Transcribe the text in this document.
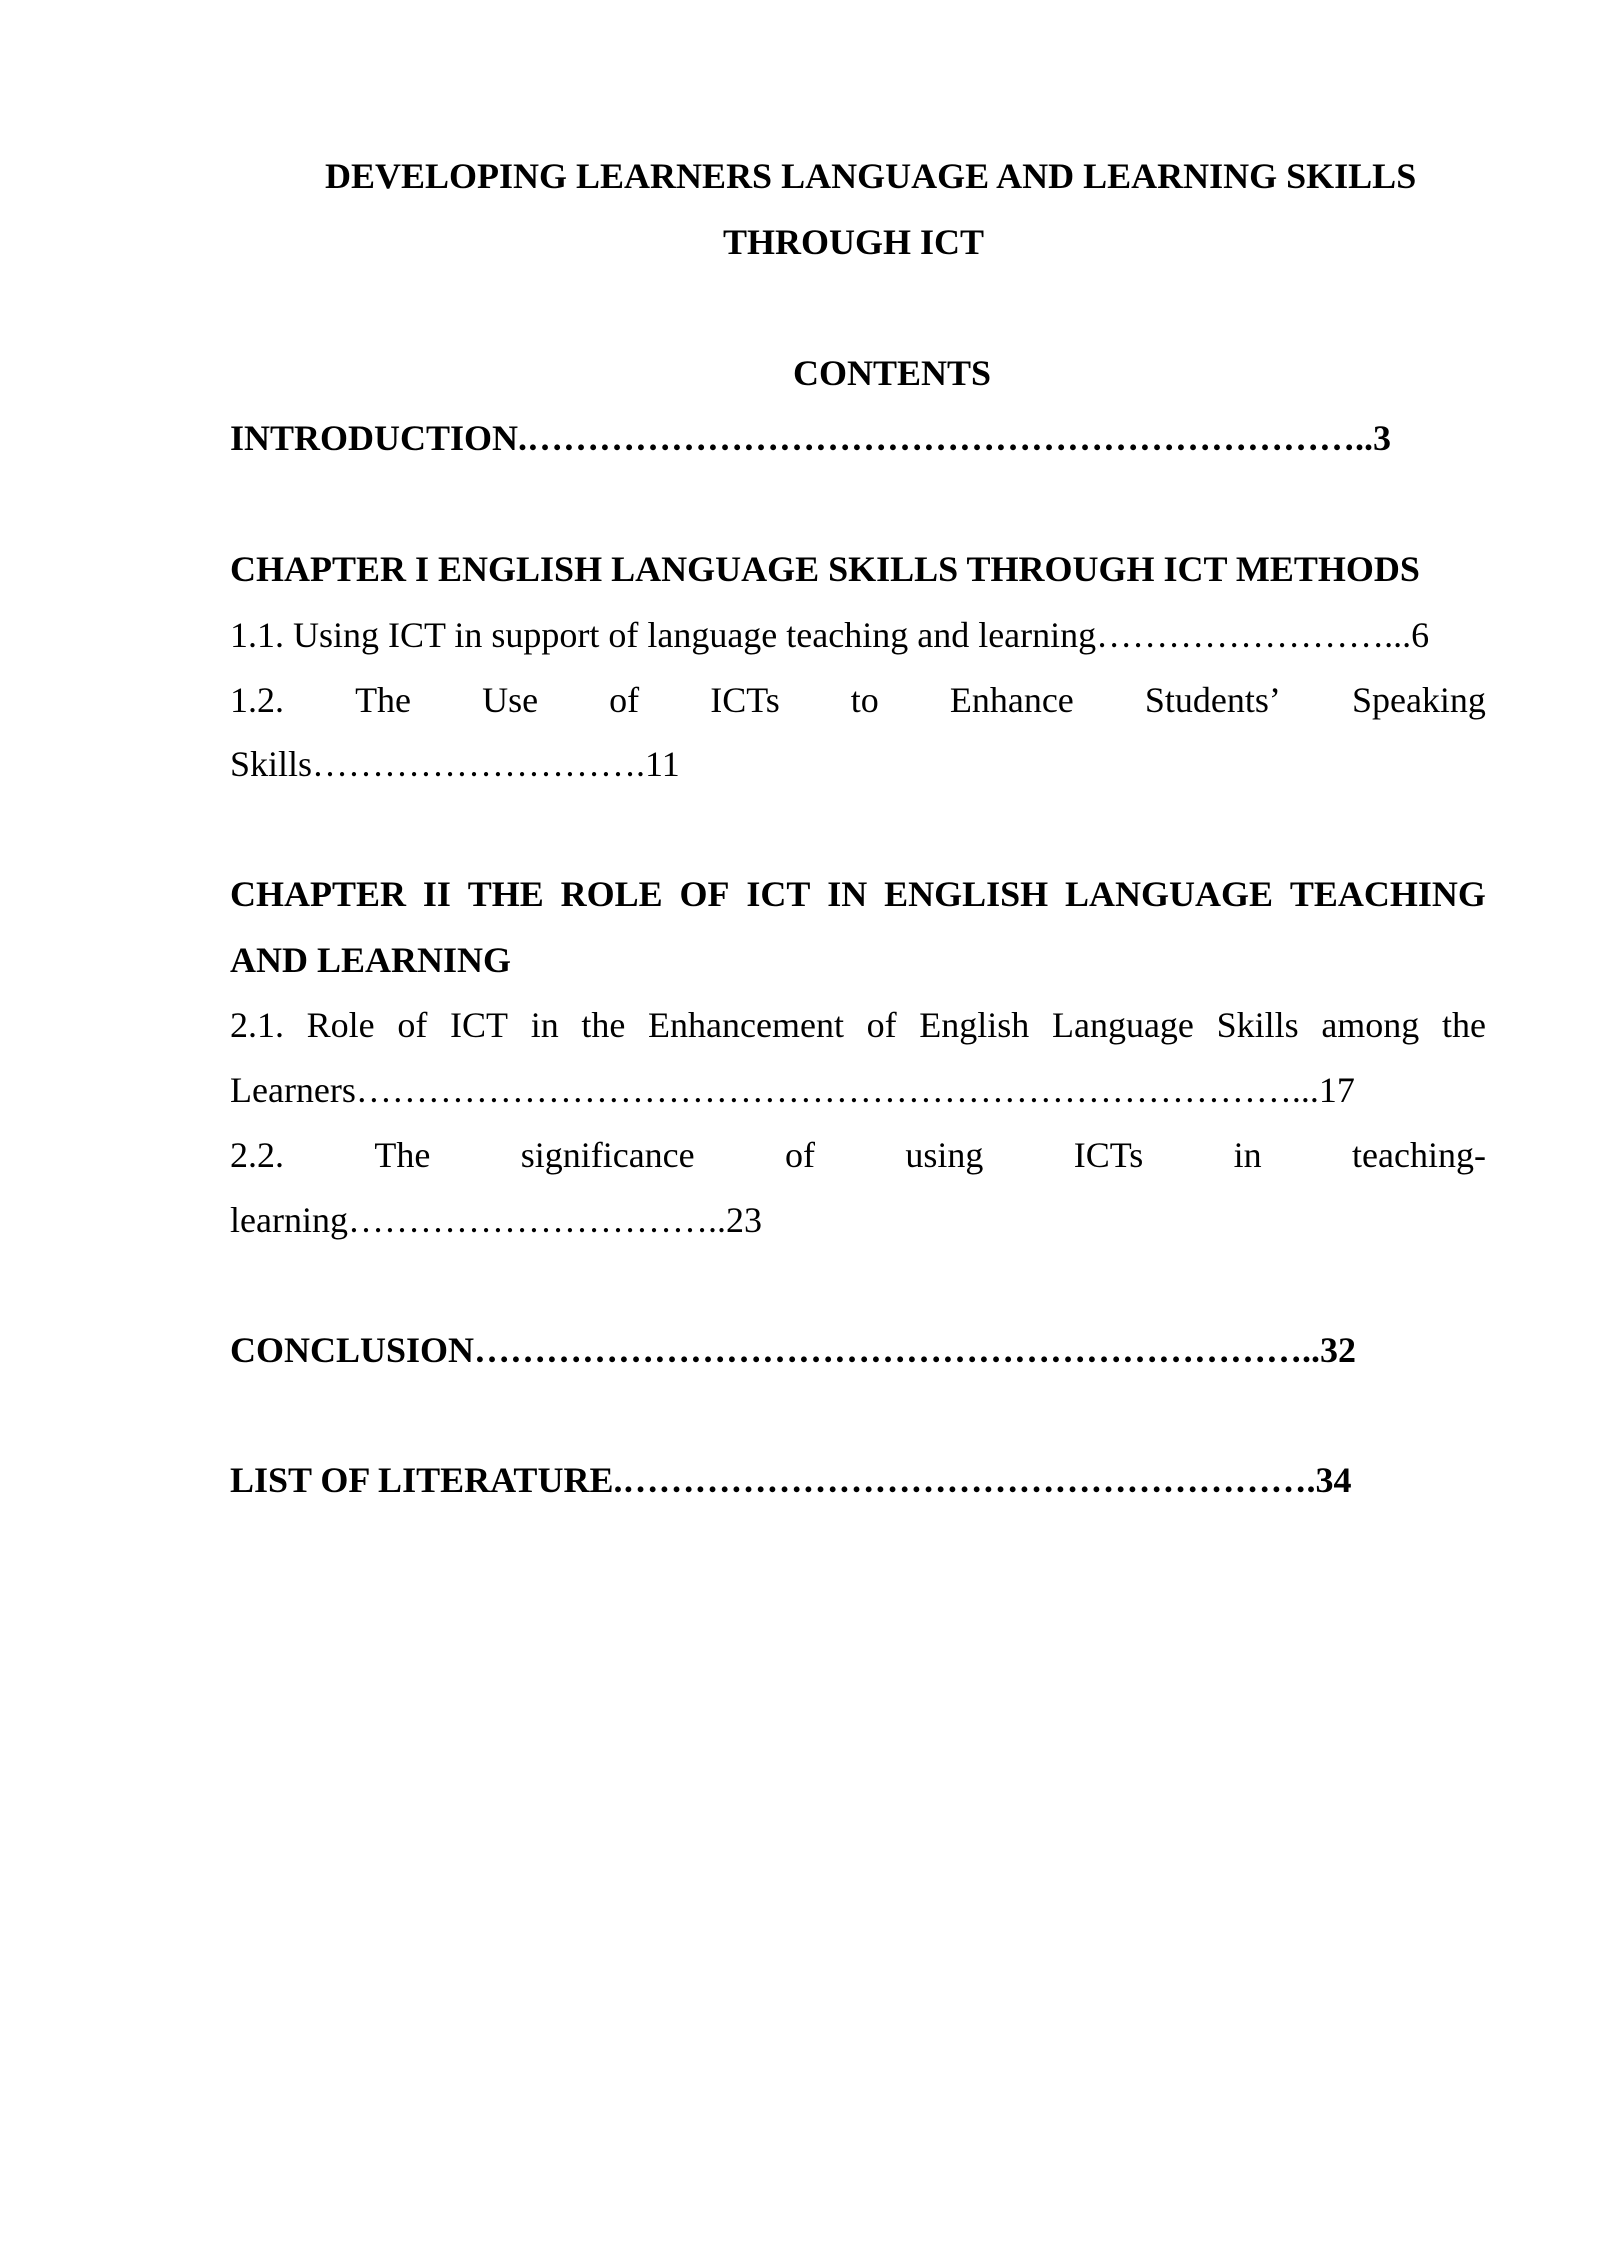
DEVELOPING LEARNERS LANGUAGE AND LEARNING SKILLS
THROUGH ICT
CONTENTS
INTRODUCTION.……………………………………………………………..3
CHAPTER I ENGLISH LANGUAGE SKILLS THROUGH ICT METHODS
1.1. Using ICT in support of language teaching and learning……………………...6
1.2. The Use of ICTs to Enhance Students’ Speaking
Skills……………………….11
CHAPTER II THE ROLE OF ICT IN ENGLISH LANGUAGE TEACHING
AND LEARNING
2.1. Role of ICT in the Enhancement of English Language Skills among the
Learners……………………………………………………………………...17
2.2.	The	significance	of	using	ICTs	in	teaching-
learning…………………………..23
CONCLUSION……………………………………………………………..32
LIST OF LITERATURE.………………………………………………….34
